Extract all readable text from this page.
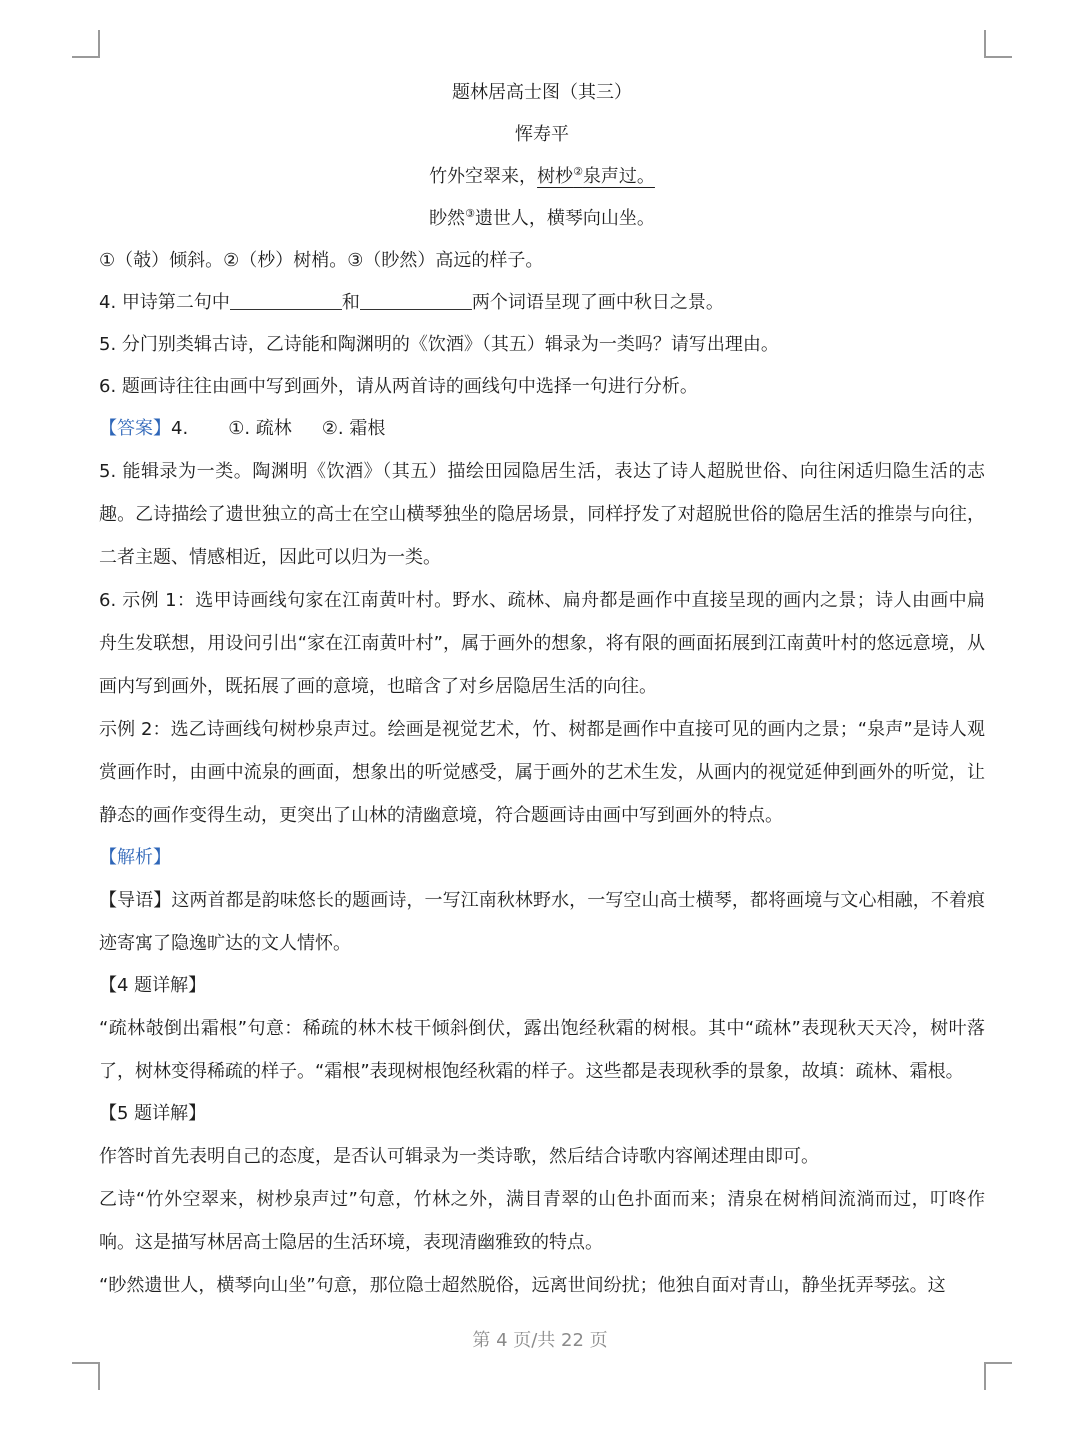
题林居高士图（其三）
恽寿平
竹外空翠来，树杪②泉声过。
眇然③遗世人，横琴向山坐。
①（攲）倾斜。②（杪）树梢。③（眇然）高远的样子。
4. 甲诗第二句中	和	两个词语呈现了画中秋日之景。
5. 分门别类辑古诗，乙诗能和陶渊明的《饮酒》（其五）辑录为一类吗？请写出理由。
6. 题画诗往往由画中写到画外，请从两首诗的画线句中选择一句进行分析。
【答案】4. ①. 疏林 ②. 霜根
5. 能辑录为一类。陶渊明《饮酒》（其五）描绘田园隐居生活，表达了诗人超脱世俗、向往闲适归隐生活的志趣。乙诗描绘了遗世独立的高士在空山横琴独坐的隐居场景，同样抒发了对超脱世俗的隐居生活的推崇与向往，二者主题、情感相近，因此可以归为一类。
6. 示例 1：选甲诗画线句家在江南黄叶村。野水、疏林、扁舟都是画作中直接呈现的画内之景；诗人由画中扁舟生发联想，用设问引出“家在江南黄叶村”，属于画外的想象，将有限的画面拓展到江南黄叶村的悠远意境，从画内写到画外，既拓展了画的意境，也暗含了对乡居隐居生活的向往。
示例 2：选乙诗画线句树杪泉声过。绘画是视觉艺术，竹、树都是画作中直接可见的画内之景；“泉声”是诗人观赏画作时，由画中流泉的画面，想象出的听觉感受，属于画外的艺术生发，从画内的视觉延伸到画外的听觉，让静态的画作变得生动，更突出了山林的清幽意境，符合题画诗由画中写到画外的特点。
【解析】
【导语】这两首都是韵味悠长的题画诗，一写江南秋林野水，一写空山高士横琴，都将画境与文心相融，不着痕迹寄寓了隐逸旷达的文人情怀。
【4 题详解】
“疏林攲倒出霜根”句意：稀疏的林木枝干倾斜倒伏，露出饱经秋霜的树根。其中“疏林”表现秋天天冷，树叶落了，树林变得稀疏的样子。“霜根”表现树根饱经秋霜的样子。这些都是表现秋季的景象，故填：疏林、霜根。
【5 题详解】
作答时首先表明自己的态度，是否认可辑录为一类诗歌，然后结合诗歌内容阐述理由即可。
乙诗“竹外空翠来，树杪泉声过”句意，竹林之外，满目青翠的山色扑面而来；清泉在树梢间流淌而过，叮咚作响。这是描写林居高士隐居的生活环境，表现清幽雅致的特点。
“眇然遗世人，横琴向山坐”句意，那位隐士超然脱俗，远离世间纷扰；他独自面对青山，静坐抚弄琴弦。这
第 4 页/共 22 页
